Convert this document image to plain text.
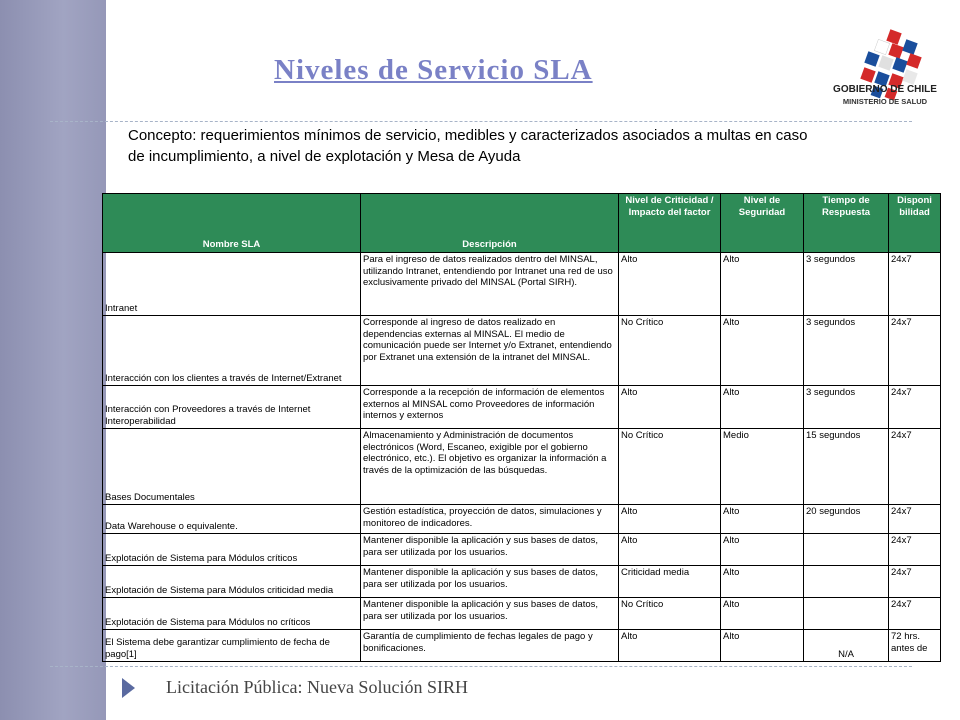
Niveles de Servicio SLA
GOBIERNO DE CHILE
MINISTERIO DE SALUD
Concepto: requerimientos mínimos de servicio, medibles y caracterizados asociados a multas en caso de incumplimiento, a nivel de explotación y Mesa de Ayuda
Nombre SLA	Descripción	Nivel de Criticidad / Impacto del factor	Nivel de Seguridad	Tiempo de Respuesta	Disponi bilidad
Intranet	Para el ingreso de datos realizados dentro del MINSAL, utilizando Intranet, entendiendo por Intranet una red de uso exclusivamente privado del MINSAL (Portal SIRH).	Alto	Alto	3 segundos	24x7
Interacción con los clientes a través de Internet/Extranet	Corresponde al ingreso de datos realizado en dependencias externas al MINSAL. El medio de comunicación puede ser Internet y/o Extranet, entendiendo por Extranet una extensión de la intranet del MINSAL.	No Crítico	Alto	3 segundos	24x7
Interacción con Proveedores a través de Internet Interoperabilidad	Corresponde a la recepción de información de elementos externos al MINSAL como Proveedores de información internos y externos	Alto	Alto	3 segundos	24x7
Bases Documentales	Almacenamiento y Administración de documentos electrónicos (Word, Escaneo, exigible por el gobierno electrónico, etc.). El objetivo es organizar la información a través de la optimización de las búsquedas.	No Crítico	Medio	15 segundos	24x7
Data Warehouse o equivalente.	Gestión estadística, proyección de datos, simulaciones y monitoreo de indicadores.	Alto	Alto	20 segundos	24x7
Explotación de Sistema para Módulos críticos	Mantener disponible la aplicación y sus bases de datos, para ser utilizada por los usuarios.	Alto	Alto		24x7
Explotación de Sistema para Módulos criticidad media	Mantener disponible la aplicación y sus bases de datos, para ser utilizada por los usuarios.	Criticidad media	Alto		24x7
Explotación de Sistema para Módulos no críticos	Mantener disponible la aplicación y sus bases de datos, para ser utilizada por los usuarios.	No Crítico	Alto		24x7
El Sistema debe garantizar cumplimiento de fecha de pago[1]	Garantía de cumplimiento de fechas legales de pago y bonificaciones.	Alto	Alto	N/A	72 hrs. antes de
Licitación Pública: Nueva Solución SIRH
